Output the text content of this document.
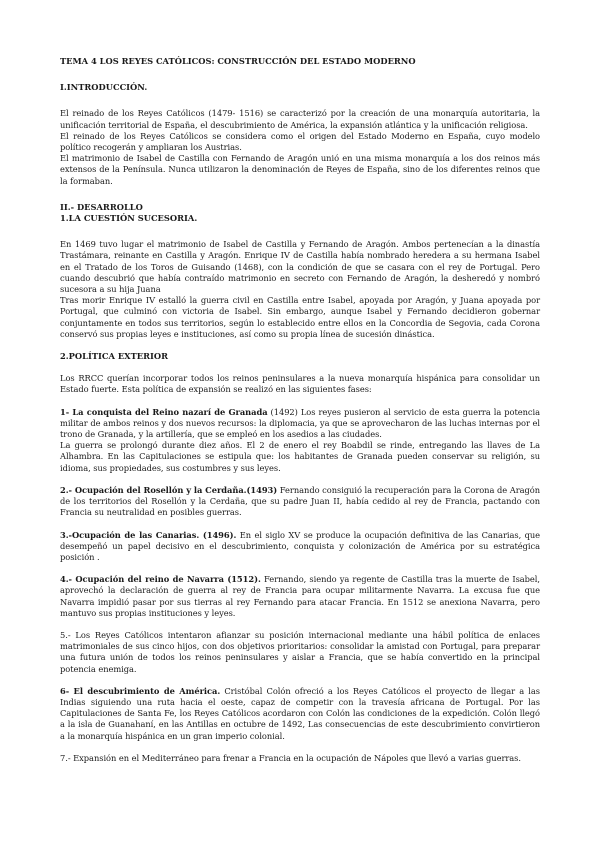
TEMA 4 LOS REYES CATÓLICOS: CONSTRUCCIÓN DEL ESTADO MODERNO

I.INTRODUCCIÓN.

El reinado de los Reyes Católicos (1479- 1516) se caracterizó por la creación de una monarquía autoritaria, la unificación territorial de España, el descubrimiento de América, la expansión atlántica y la unificación religiosa.

El reinado de los Reyes Católicos se considera como el origen del Estado Moderno en España, cuyo modelo político recogerán y ampliaran los Austrias.

El matrimonio de Isabel de Castilla con Fernando de Aragón unió en una misma monarquía a los dos reinos más extensos de la Península. Nunca utilizaron la denominación de Reyes de España, sino de los diferentes reinos que la formaban.

II.- DESARROLLO

1.LA CUESTIÓN SUCESORIA.

En 1469 tuvo lugar el matrimonio de Isabel de Castilla y Fernando de Aragón. Ambos pertenecían a la dinastía Trastámara, reinante en Castilla y Aragón. Enrique IV de Castilla había nombrado heredera a su hermana Isabel en el Tratado de los Toros de Guisando (1468), con la condición de que se casara con el rey de Portugal. Pero cuando descubrió que había contraído matrimonio en secreto con Fernando de Aragón, la desheredó y nombró sucesora a su hija Juana

Tras morir Enrique IV estalló la guerra civil en Castilla entre Isabel, apoyada por Aragón, y Juana apoyada por Portugal, que culminó con victoria de Isabel. Sin embargo, aunque Isabel y Fernando decidieron gobernar conjuntamente en todos sus territorios, según lo establecido entre ellos en la Concordia de Segovia, cada Corona conservó sus propias leyes e instituciones, así como su propia línea de sucesión dinástica.

2.POLÍTICA EXTERIOR

Los RRCC querían incorporar todos los reinos peninsulares a la nueva monarquía hispánica para consolidar un Estado fuerte. Esta política de expansión se realizó en las siguientes fases:

1- La conquista del Reino nazarí de Granada (1492) Los reyes pusieron al servicio de esta guerra la potencia militar de ambos reinos y dos nuevos recursos: la diplomacia, ya que se aprovecharon de las luchas internas por el trono de Granada, y la artillería, que se empleó en los asedios a las ciudades.

La guerra se prolongó durante diez años. El 2 de enero el rey Boabdil se rinde, entregando las llaves de La Alhambra. En las Capitulaciones se estipula que: los habitantes de Granada pueden conservar su religión, su idioma, sus propiedades, sus costumbres y sus leyes.

2.- Ocupación del Rosellón y la Cerdaña.(1493) Fernando consiguió la recuperación para la Corona de Aragón de los territorios del Rosellón y la Cerdaña, que su padre Juan II, había cedido al rey de Francia, pactando con Francia su neutralidad en posibles guerras.

3.-Ocupación de las Canarias. (1496). En el siglo XV se produce la ocupación definitiva de las Canarias, que desempeñó un papel decisivo en el descubrimiento, conquista y colonización de América por su estratégica posición .

4.- Ocupación del reino de Navarra (1512). Fernando, siendo ya regente de Castilla tras la muerte de Isabel, aprovechó la declaración de guerra al rey de Francia para ocupar militarmente Navarra. La excusa fue que Navarra impidió pasar por sus tierras al rey Fernando para atacar Francia. En 1512 se anexiona Navarra, pero mantuvo sus propias instituciones y leyes.

5.- Los Reyes Católicos intentaron afianzar su posición internacional mediante una hábil política de enlaces matrimoniales de sus cinco hijos, con dos objetivos prioritarios: consolidar la amistad con Portugal, para preparar una futura unión de todos los reinos peninsulares y aislar a Francia, que se había convertido en la principal potencia enemiga.

6- El descubrimiento de América. Cristóbal Colón ofreció a los Reyes Católicos el proyecto de llegar a las Indias siguiendo una ruta hacia el oeste, capaz de competir con la travesía africana de Portugal. Por las Capitulaciones de Santa Fe, los Reyes Católicos acordaron con Colón las condiciones de la expedición. Colón llegó a la isla de Guanahaní, en las Antillas en octubre de 1492, Las consecuencias de este descubrimiento convirtieron a la monarquía hispánica en un gran imperio colonial.

7.- Expansión en el Mediterráneo para frenar a Francia en la ocupación de Nápoles que llevó a varias guerras.
